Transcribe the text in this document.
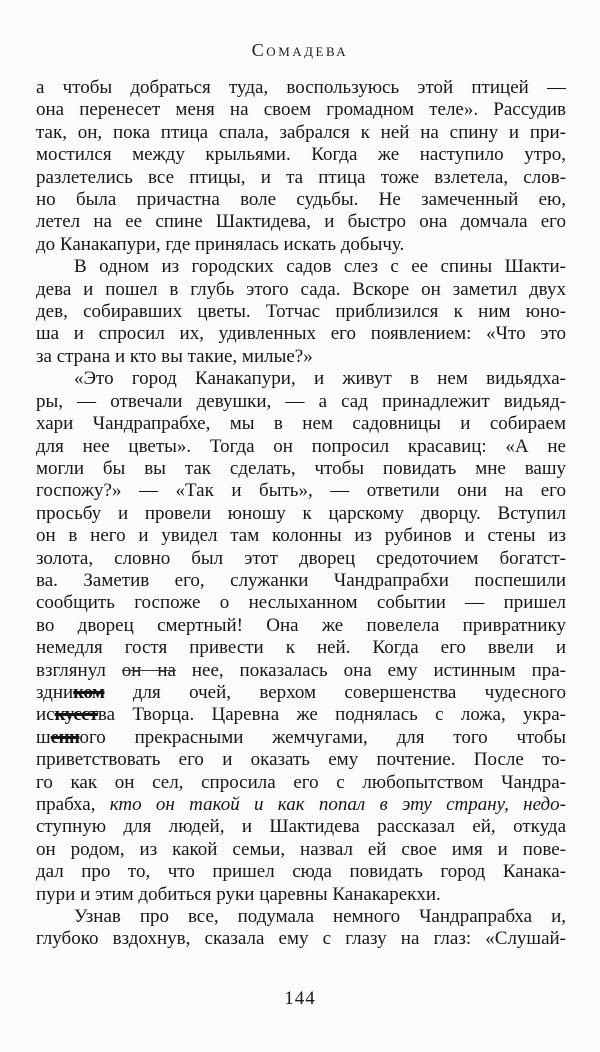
Сомадева
а чтобы добраться туда, воспользуюсь этой птицей —
она перенесет меня на своем громадном теле». Рассудив
так, он, пока птица спала, забрался к ней на спину и при-
мостился между крыльями. Когда же наступило утро,
разлетелись все птицы, и та птица тоже взлетела, слов-
но была причастна воле судьбы. Не замеченный ею,
летел на ее спине Шактидева, и быстро она домчала его
до Канакапури, где принялась искать добычу.
В одном из городских садов слез с ее спины Шакти-
дева и пошел в глубь этого сада. Вскоре он заметил двух
дев, собиравших цветы. Тотчас приблизился к ним юно-
ша и спросил их, удивленных его появлением: «Что это
за страна и кто вы такие, милые?»
«Это город Канакапури, и живут в нем видьядха-
ры, — отвечали девушки, — а сад принадлежит видьяд-
хари Чандрапрабхе, мы в нем садовницы и собираем
для нее цветы». Тогда он попросил красавиц: «А не
могли бы вы так сделать, чтобы повидать мне вашу
госпожу?» — «Так и быть», — ответили они на его
просьбу и провели юношу к царскому дворцу. Вступил
он в него и увидел там колонны из рубинов и стены из
золота, словно был этот дворец средоточием богатст-
ва. Заметив его, служанки Чандрапрабхи поспешили
сообщить госпоже о неслыханном событии — пришел
во дворец смертный! Она же повелела привратнику
немедля гостя привести к ней. Когда его ввели и
взглянул он на нее, показалась она ему истинным пра-
здником для очей, верхом совершенства чудесного
искусства Творца. Царевна же поднялась с ложа, укра-
шенного прекрасными жемчугами, для того чтобы
приветствовать его и оказать ему почтение. После то-
го как он сел, спросила его с любопытством Чандра-
прабха, кто он такой и как попал в эту страну, недо-
ступную для людей, и Шактидева рассказал ей, откуда
он родом, из какой семьи, назвал ей свое имя и пове-
дал про то, что пришел сюда повидать город Канака-
пури и этим добиться руки царевны Канакарекхи.
Узнав про все, подумала немного Чандрапрабха и,
глубоко вздохнув, сказала ему с глазу на глаз: «Слушай-
144
